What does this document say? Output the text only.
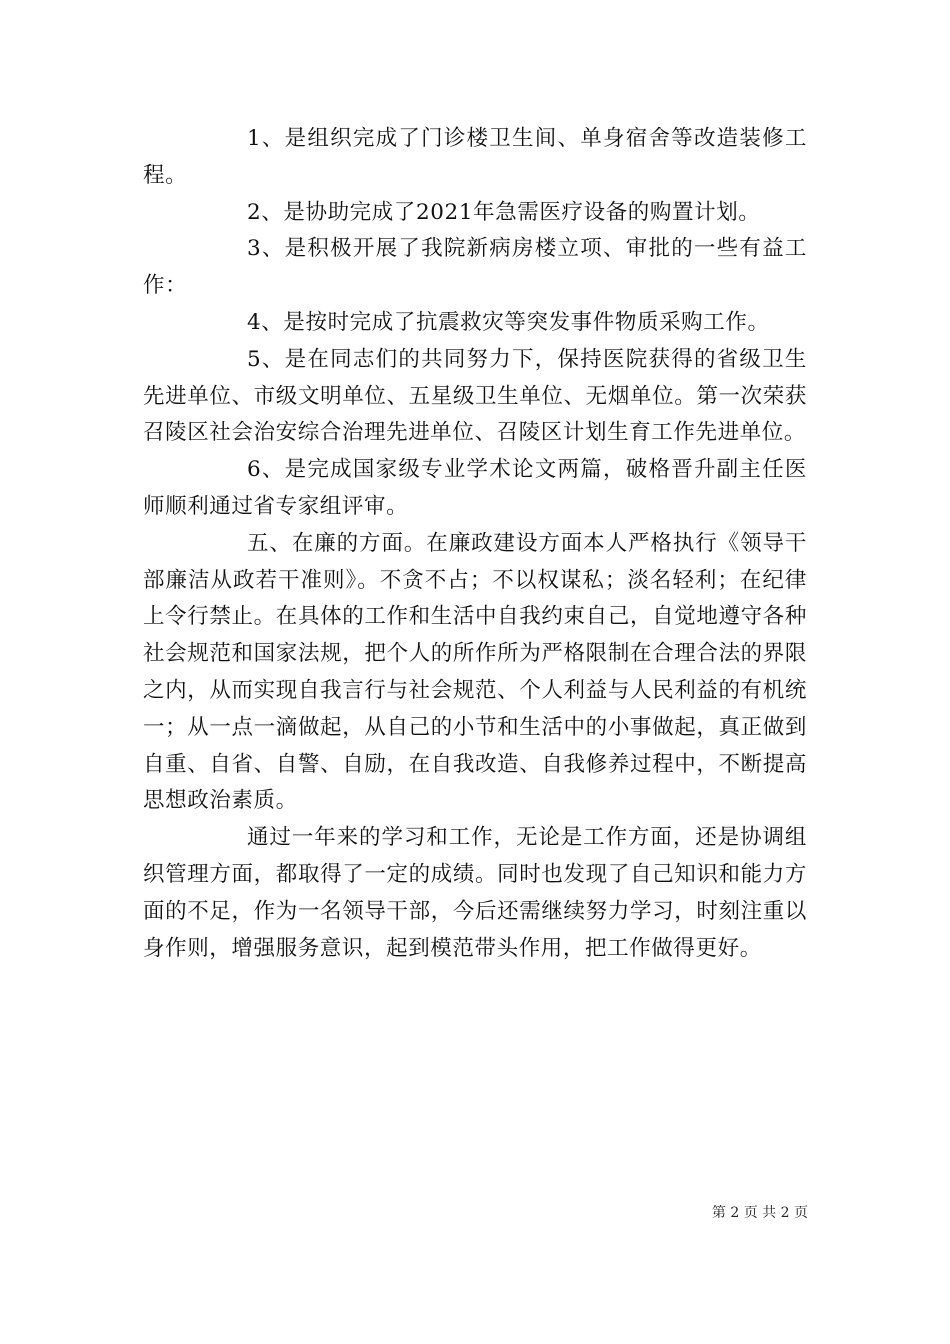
1、是组织完成了门诊楼卫生间、单身宿舍等改造装修工程。

2、是协助完成了2021年急需医疗设备的购置计划。

3、是积极开展了我院新病房楼立项、审批的一些有益工作：

4、是按时完成了抗震救灾等突发事件物质采购工作。

5、是在同志们的共同努力下，保持医院获得的省级卫生先进单位、市级文明单位、五星级卫生单位、无烟单位。第一次荣获召陵区社会治安综合治理先进单位、召陵区计划生育工作先进单位。

6、是完成国家级专业学术论文两篇，破格晋升副主任医师顺利通过省专家组评审。

五、在廉的方面。在廉政建设方面本人严格执行《领导干部廉洁从政若干准则》。不贪不占；不以权谋私；淡名轻利；在纪律上令行禁止。在具体的工作和生活中自我约束自己，自觉地遵守各种社会规范和国家法规，把个人的所作所为严格限制在合理合法的界限之内，从而实现自我言行与社会规范、个人利益与人民利益的有机统一；从一点一滴做起，从自己的小节和生活中的小事做起，真正做到自重、自省、自警、自励，在自我改造、自我修养过程中，不断提高思想政治素质。

通过一年来的学习和工作，无论是工作方面，还是协调组织管理方面，都取得了一定的成绩。同时也发现了自己知识和能力方面的不足，作为一名领导干部，今后还需继续努力学习，时刻注重以身作则，增强服务意识，起到模范带头作用，把工作做得更好。

第 2 页 共 2 页
